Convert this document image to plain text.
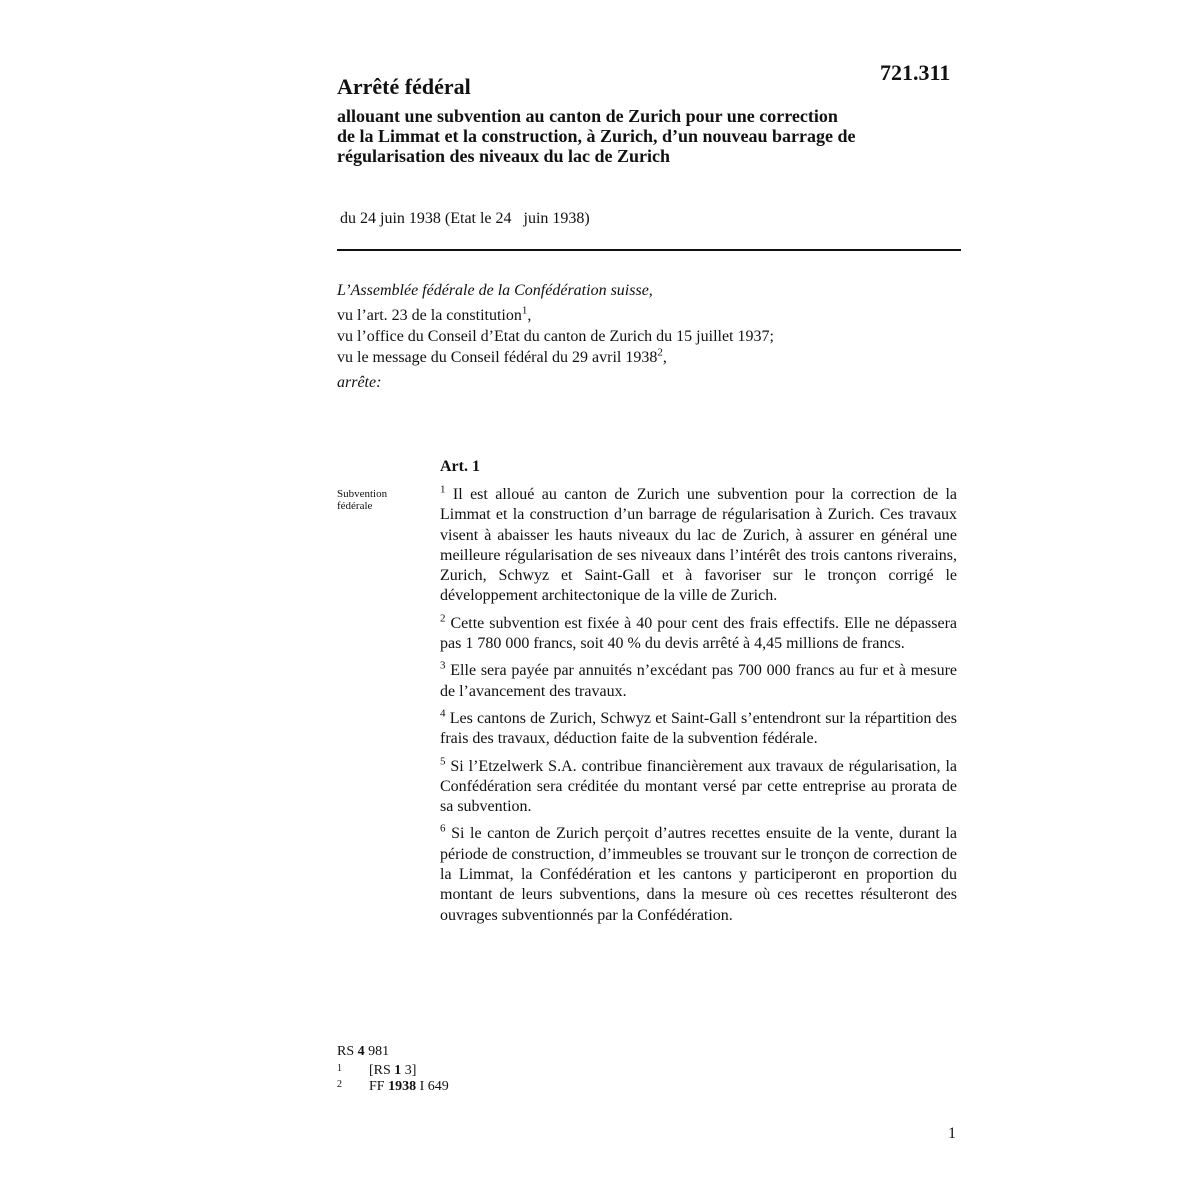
721.311
Arrêté fédéral
allouant une subvention au canton de Zurich pour une correction
de la Limmat et la construction, à Zurich, d’un nouveau barrage de
régularisation des niveaux du lac de Zurich
du 24 juin 1938 (Etat le 24   juin 1938)
L’Assemblée fédérale de la Confédération suisse,
vu l’art. 23 de la constitution$^1$,
vu l’office du Conseil d’Etat du canton de Zurich du 15 juillet 1937;
vu le message du Conseil fédéral du 29 avril 1938$^2$,
arrête:
Art. 1
Subvention
fédérale

$^1$ Il est alloué au canton de Zurich une subvention pour la correction de la Limmat et la construction d’un barrage de régularisation à Zurich. Ces travaux visent à abaisser les hauts niveaux du lac de Zurich, à assurer en général une meilleure régularisation de ses niveaux dans l’intérêt des trois cantons riverains, Zurich, Schwyz et Saint-Gall et à favoriser sur le tronçon corrigé le développement architectonique de la ville de Zurich.

$^2$ Cette subvention est fixée à 40 pour cent des frais effectifs. Elle ne dépassera pas 1 780 000 francs, soit 40 % du devis arrêté à 4,45 millions de francs.

$^3$ Elle sera payée par annuités n’excédant pas 700 000 francs au fur et à mesure de l’avancement des travaux.

$^4$ Les cantons de Zurich, Schwyz et Saint-Gall s’entendront sur la répartition des frais des travaux, déduction faite de la subvention fédérale.

$^5$ Si l’Etzelwerk S.A. contribue financièrement aux travaux de régularisation, la Confédération sera créditée du montant versé par cette entreprise au prorata de sa subvention.

$^6$ Si le canton de Zurich perçoit d’autres recettes ensuite de la vente, durant la période de construction, d’immeubles se trouvant sur le tronçon de correction de la Limmat, la Confédération et les cantons y participeront en proportion du montant de leurs subventions, dans la mesure où ces recettes résulteront des ouvrages subventionnés par la Confédération.

RS 4 981
1 [RS 1 3]
2 FF 1938 I 649
1
